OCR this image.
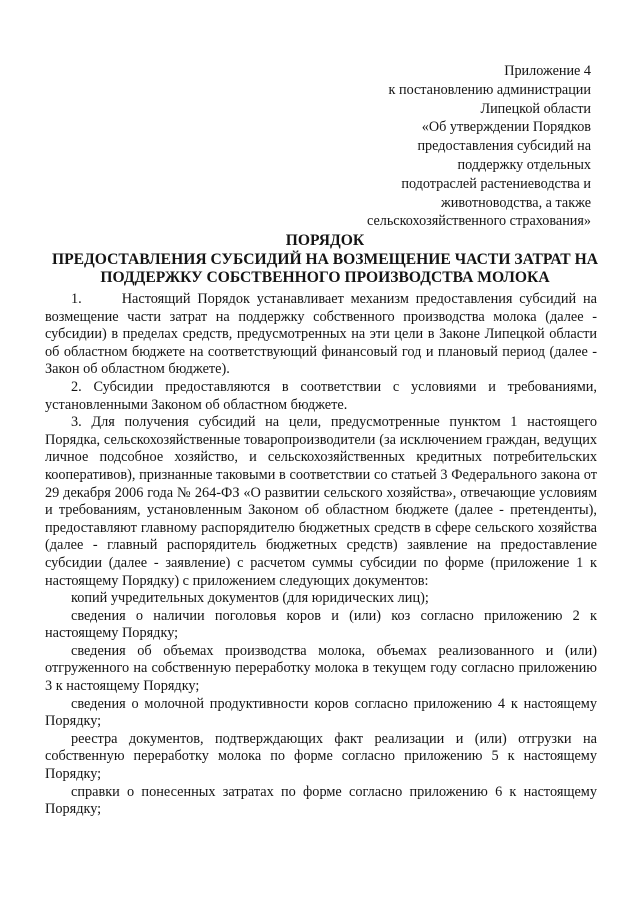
Приложение 4
к постановлению администрации
Липецкой области
«Об утверждении Порядков
предоставления субсидий на
поддержку отдельных
подотраслей растениеводства и
животноводства, а также
сельскохозяйственного страхования»
ПОРЯДОК
ПРЕДОСТАВЛЕНИЯ СУБСИДИЙ НА ВОЗМЕЩЕНИЕ ЧАСТИ ЗАТРАТ НА
ПОДДЕРЖКУ СОБСТВЕННОГО ПРОИЗВОДСТВА МОЛОКА

1.	Настоящий Порядок устанавливает механизм предоставления субсидий на возмещение части затрат на поддержку собственного производства молока (далее - субсидии) в пределах средств, предусмотренных на эти цели в Законе Липецкой области об областном бюджете на соответствующий финансовый год и плановый период (далее - Закон об областном бюджете).

2. Субсидии предоставляются в соответствии с условиями и требованиями, установленными Законом об областном бюджете.

3. Для получения субсидий на цели, предусмотренные пунктом 1 настоящего Порядка, сельскохозяйственные товаропроизводители (за исключением граждан, ведущих личное подсобное хозяйство, и сельскохозяйственных кредитных потребительских кооперативов), признанные таковыми в соответствии со статьей 3 Федерального закона от 29 декабря 2006 года № 264-ФЗ «О развитии сельского хозяйства», отвечающие условиям и требованиям, установленным Законом об областном бюджете (далее - претенденты), предоставляют главному распорядителю бюджетных средств в сфере сельского хозяйства (далее - главный распорядитель бюджетных средств) заявление на предоставление субсидии (далее - заявление) с расчетом суммы субсидии по форме (приложение 1 к настоящему Порядку) с приложением следующих документов:

копий учредительных документов (для юридических лиц);

сведения о наличии поголовья коров и (или) коз согласно приложению 2 к настоящему Порядку;

сведения об объемах производства молока, объемах реализованного и (или) отгруженного на собственную переработку молока в текущем году согласно приложению 3 к настоящему Порядку;

сведения о молочной продуктивности коров согласно приложению 4 к настоящему Порядку;

реестра документов, подтверждающих факт реализации и (или) отгрузки на собственную переработку молока по форме согласно приложению 5 к настоящему Порядку;

справки о понесенных затратах по форме согласно приложению 6 к настоящему Порядку;
